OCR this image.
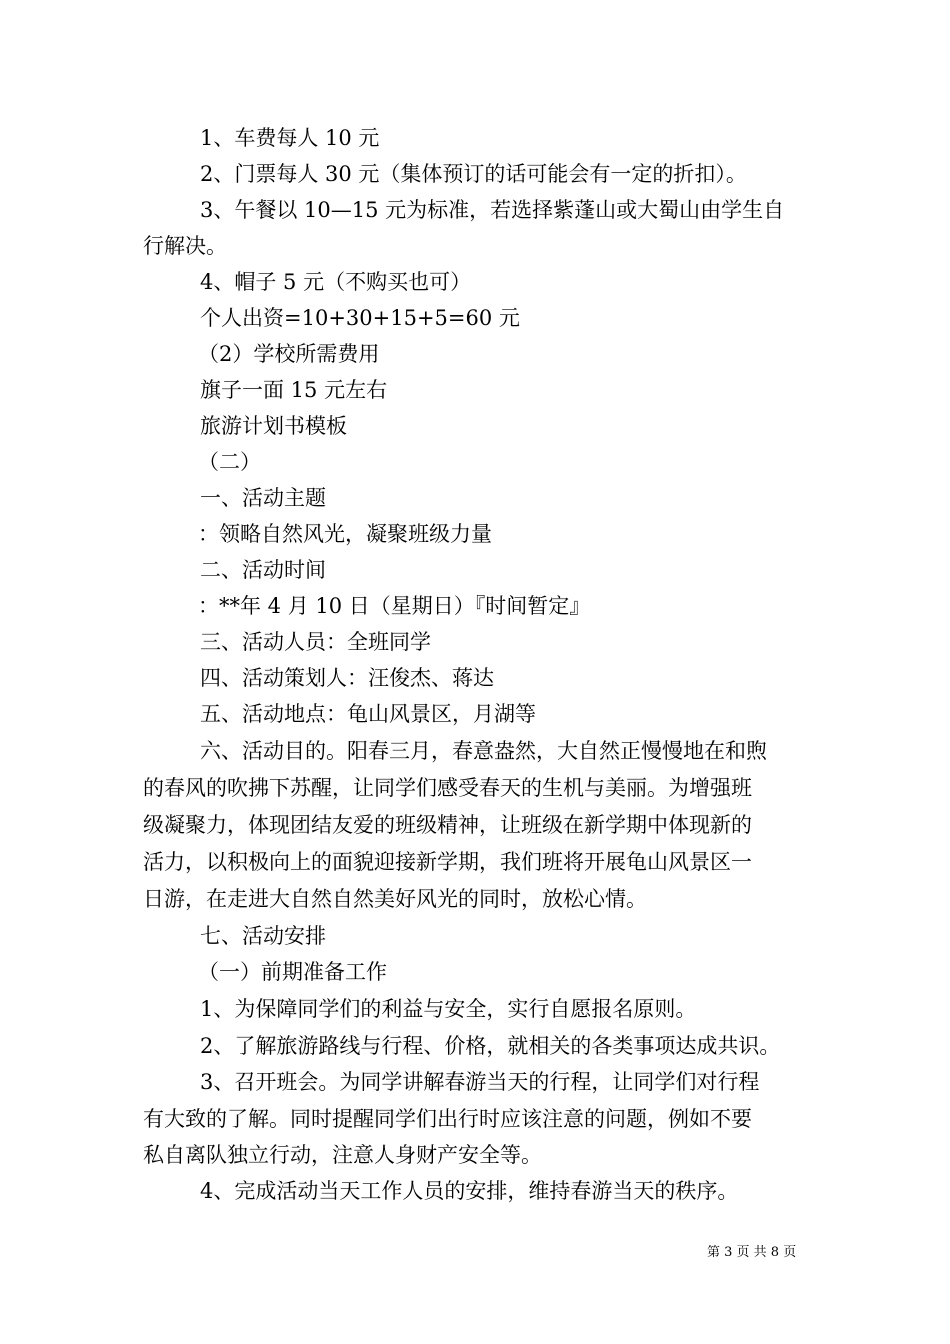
1、车费每人 10 元
2、门票每人 30 元（集体预订的话可能会有一定的折扣）。
3、午餐以 10—15 元为标准，若选择紫蓬山或大蜀山由学生自
行解决。
4、帽子 5 元（不购买也可）
个人出资=10+30+15+5=60 元
（2）学校所需费用
旗子一面 15 元左右
旅游计划书模板
（二）
一、活动主题
：领略自然风光，凝聚班级力量
二、活动时间
：**年 4 月 10 日（星期日）『时间暂定』
三、活动人员：全班同学
四、活动策划人：汪俊杰、蒋达
五、活动地点：龟山风景区，月湖等
六、活动目的。阳春三月，春意盎然，大自然正慢慢地在和煦
的春风的吹拂下苏醒，让同学们感受春天的生机与美丽。为增强班
级凝聚力，体现团结友爱的班级精神，让班级在新学期中体现新的
活力，以积极向上的面貌迎接新学期，我们班将开展龟山风景区一
日游，在走进大自然自然美好风光的同时，放松心情。
七、活动安排
（一）前期准备工作
1、为保障同学们的利益与安全，实行自愿报名原则。
2、了解旅游路线与行程、价格，就相关的各类事项达成共识。
3、召开班会。为同学讲解春游当天的行程，让同学们对行程
有大致的了解。同时提醒同学们出行时应该注意的问题，例如不要
私自离队独立行动，注意人身财产安全等。
4、完成活动当天工作人员的安排，维持春游当天的秩序。
第 3 页 共 8 页
